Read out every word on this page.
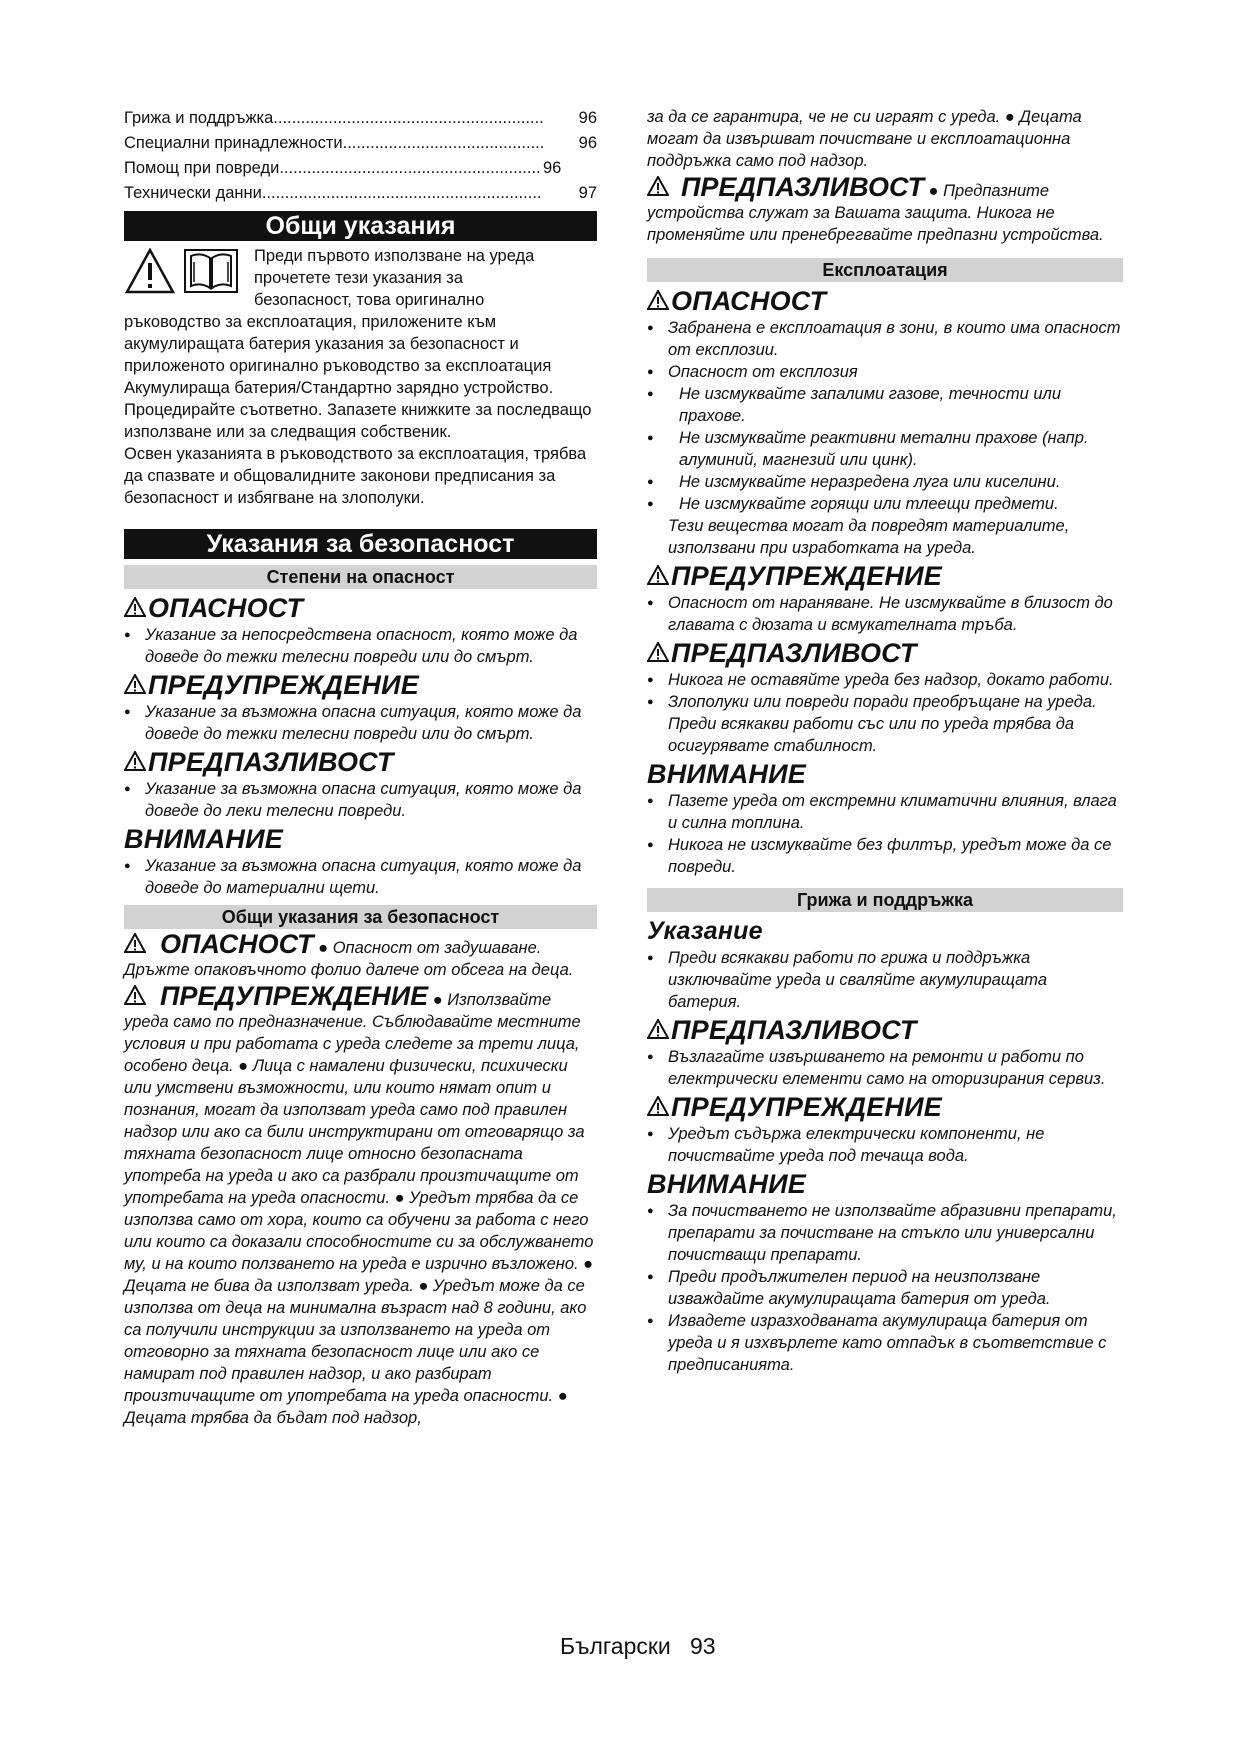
Грижа и поддръжка .....	96
Специални принадлежности .....	96
Помощ при повреди .....	96
Технически данни .....	97
Общи указания

Преди първото използване на уреда

прочетете тези указания за

безопасност, това оригинално

ръководство за експлоатация, приложените към акумулиращата батерия указания за безопасност и приложеното оригинално ръководство за експлоатация Акумулираща батерия/Стандартно зарядно устройство. Процедирайте съответно. Запазете книжките за последващо използване или за следващия собственик.

Освен указанията в ръководството за експлоатация, трябва да спазвате и общовалидните законови предписания за безопасност и избягване на злополуки.

Указания за безопасност
Степени на опасност
ОПАСНОСТ
● Указание за непосредствена опасност, която може да доведе до тежки телесни повреди или до смърт.
ПРЕДУПРЕЖДЕНИЕ
● Указание за възможна опасна ситуация, която може да доведе до тежки телесни повреди или до смърт.
ПРЕДПАЗЛИВОСТ
● Указание за възможна опасна ситуация, която може да доведе до леки телесни повреди.
ВНИМАНИЕ
● Указание за възможна опасна ситуация, която може да доведе до материални щети.
Общи указания за безопасност

ОПАСНОСТ ● Опасност от задушаване. Дръжте опаковъчното фолио далече от обсега на деца.

ПРЕДУПРЕЖДЕНИЕ ● Използвайте уреда само по предназначение. Съблюдавайте местните условия и при работата с уреда следете за трети лица, особено деца. ● Лица с намалени физически, психически или умствени възможности, или които нямат опит и познания, могат да използват уреда само под правилен надзор или ако са били инструктирани от отговарящо за тяхната безопасност лице относно безопасната употреба на уреда и ако са разбрали произтичащите от употребата на уреда опасности. ● Уредът трябва да се използва само от хора, които са обучени за работа с него или които са доказали способностите си за обслужването му, и на които ползването на уреда е изрично възложено. ● Децата не бива да използват уреда. ● Уредът може да се използва от деца на минимална възраст над 8 години, ако са получили инструкции за използването на уреда от отговорно за тяхната безопасност лице или ако се намират под правилен надзор, и ако разбират произтичащите от употребата на уреда опасности. ● Децата трябва да бъдат под надзор,

за да се гарантира, че не си играят с уреда. ● Децата могат да извършват почистване и експлоатационна поддръжка само под надзор.

ПРЕДПАЗЛИВОСТ ● Предпазните устройства служат за Вашата защита. Никога не променяйте или пренебрегвайте предпазни устройства.

Експлоатация
ОПАСНОСТ
● Забранена е експлоатация в зони, в които има опасност от експлозии.
● Опасност от експлозия
● Не изсмуквайте запалими газове, течности или прахове.
● Не изсмуквайте реактивни метални прахове (напр. алуминий, магнезий или цинк).
● Не изсмуквайте неразредена луга или киселини.
● Не изсмуквайте горящи или тлеещи предмети.

Тези вещества могат да повредят материалите, използвани при изработката на уреда.

ПРЕДУПРЕЖДЕНИЕ
● Опасност от нараняване. Не изсмуквайте в близост до главата с дюзата и всмукателната тръба.
ПРЕДПАЗЛИВОСТ
● Никога не оставяйте уреда без надзор, докато работи.
● Злополуки или повреди поради преобръщане на уреда. Преди всякакви работи със или по уреда трябва да осигурявате стабилност.
ВНИМАНИЕ
● Пазете уреда от екстремни климатични влияния, влага и силна топлина.
● Никога не изсмуквайте без филтър, уредът може да се повреди.
Грижа и поддръжка
Указание
● Преди всякакви работи по грижа и поддръжка изключвайте уреда и сваляйте акумулиращата батерия.
ПРЕДПАЗЛИВОСТ
● Възлагайте извършването на ремонти и работи по електрически елементи само на оторизирания сервиз.
ПРЕДУПРЕЖДЕНИЕ
● Уредът съдържа електрически компоненти, не почиствайте уреда под течаща вода.
ВНИМАНИЕ
● За почистването не използвайте абразивни препарати, препарати за почистване на стъкло или универсални почистващи препарати.
● Преди продължителен период на неизползване изваждайте акумулиращата батерия от уреда.
● Извадете изразходваната акумулираща батерия от уреда и я изхвърлете като отпадък в съответствие с предписанията.
Български 93
